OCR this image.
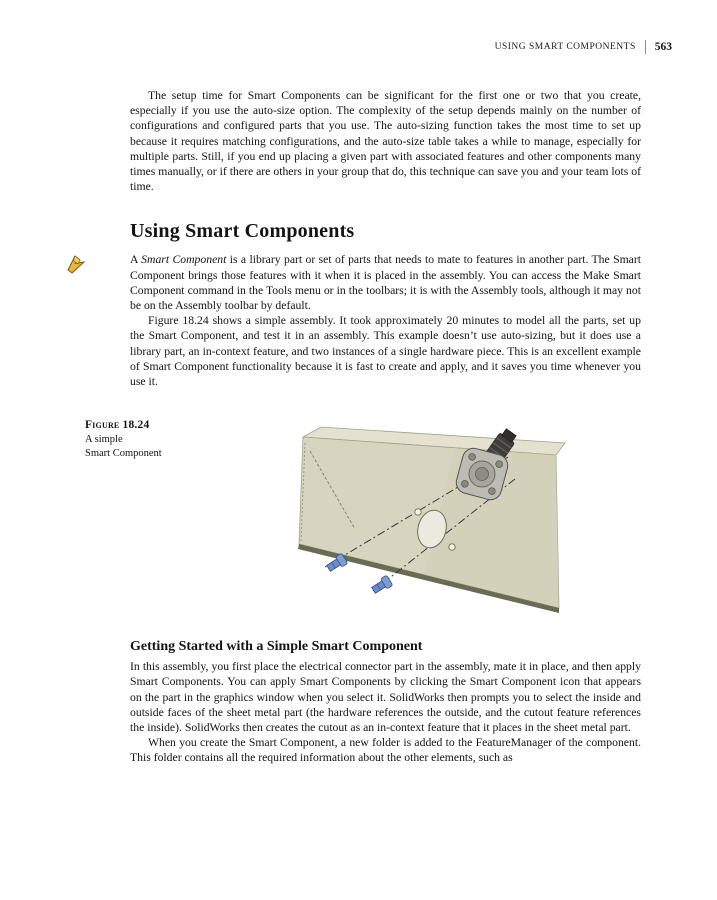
USING SMART COMPONENTS 563

The setup time for Smart Components can be significant for the first one or two that you create, especially if you use the auto-size option. The complexity of the setup depends mainly on the number of configurations and configured parts that you use. The auto-sizing function takes the most time to set up because it requires matching configurations, and the auto-size table takes a while to manage, especially for multiple parts. Still, if you end up placing a given part with associated features and other components many times manually, or if there are others in your group that do, this technique can save you and your team lots of time.

Using Smart Components

A Smart Component is a library part or set of parts that needs to mate to features in another part. The Smart Component brings those features with it when it is placed in the assembly. You can access the Make Smart Component command in the Tools menu or in the toolbars; it is with the Assembly tools, although it may not be on the Assembly toolbar by default.

Figure 18.24 shows a simple assembly. It took approximately 20 minutes to model all the parts, set up the Smart Component, and test it in an assembly. This example doesn’t use auto-sizing, but it does use a library part, an in-context feature, and two instances of a single hardware piece. This is an excellent example of Smart Component functionality because it is fast to create and apply, and it saves you time whenever you use it.

Figure 18.24
A simple
Smart Component
Getting Started with a Simple Smart Component

In this assembly, you first place the electrical connector part in the assembly, mate it in place, and then apply Smart Components. You can apply Smart Components by clicking the Smart Component icon that appears on the part in the graphics window when you select it. SolidWorks then prompts you to select the inside and outside faces of the sheet metal part (the hardware references the outside, and the cutout feature references the inside). SolidWorks then creates the cutout as an in-context feature that it places in the sheet metal part.

When you create the Smart Component, a new folder is added to the FeatureManager of the component. This folder contains all the required information about the other elements, such as
